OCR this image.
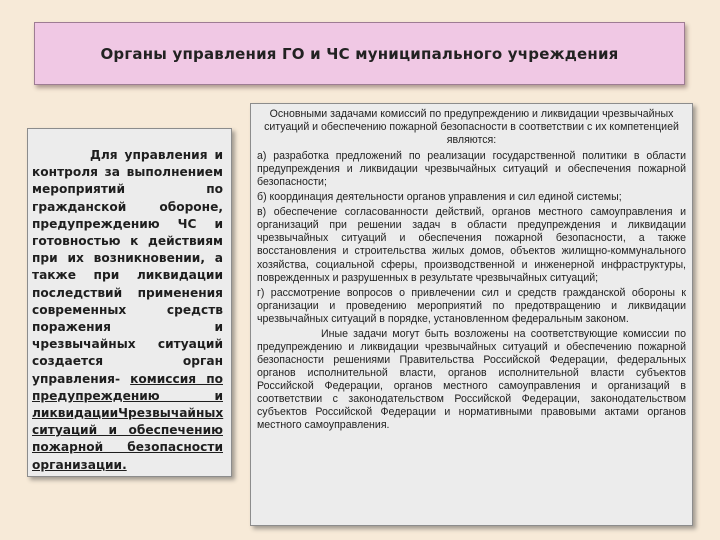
Органы управления ГО и ЧС муниципального учреждения

Для управления и контроля за выполнением мероприятий по гражданской обороне, предупреждению ЧС и готовностью к действиям при их возникновении, а также при ликвидации последствий применения современных средств поражения и чрезвычайных ситуаций создается орган управления- комиссия по предупреждению и ликвидацииЧрезвычайных ситуаций и обеспечению пожарной безопасности организации.

Основными задачами комиссий по предупреждению и ликвидации чрезвычайных ситуаций и обеспечению пожарной безопасности в соответствии с их компетенцией являются:

а) разработка предложений по реализации государственной политики в области предупреждения и ликвидации чрезвычайных ситуаций и обеспечения пожарной безопасности;

б) координация деятельности органов управления и сил единой системы;

в) обеспечение согласованности действий, органов местного самоуправления и организаций при решении задач в области предупреждения и ликвидации чрезвычайных ситуаций и обеспечения пожарной безопасности, а также восстановления и строительства жилых домов, объектов жилищно-коммунального хозяйства, социальной сферы, производственной и инженерной инфраструктуры, поврежденных и разрушенных в результате чрезвычайных ситуаций;

г) рассмотрение вопросов о привлечении сил и средств гражданской обороны к организации и проведению мероприятий по предотвращению и ликвидации чрезвычайных ситуаций в порядке, установленном федеральным законом.

Иные задачи могут быть возложены на соответствующие комиссии по предупреждению и ликвидации чрезвычайных ситуаций и обеспечению пожарной безопасности решениями Правительства Российской Федерации, федеральных органов исполнительной власти, органов исполнительной власти субъектов Российской Федерации, органов местного самоуправления и организаций в соответствии с законодательством Российской Федерации, законодательством субъектов Российской Федерации и нормативными правовыми актами органов местного самоуправления.
